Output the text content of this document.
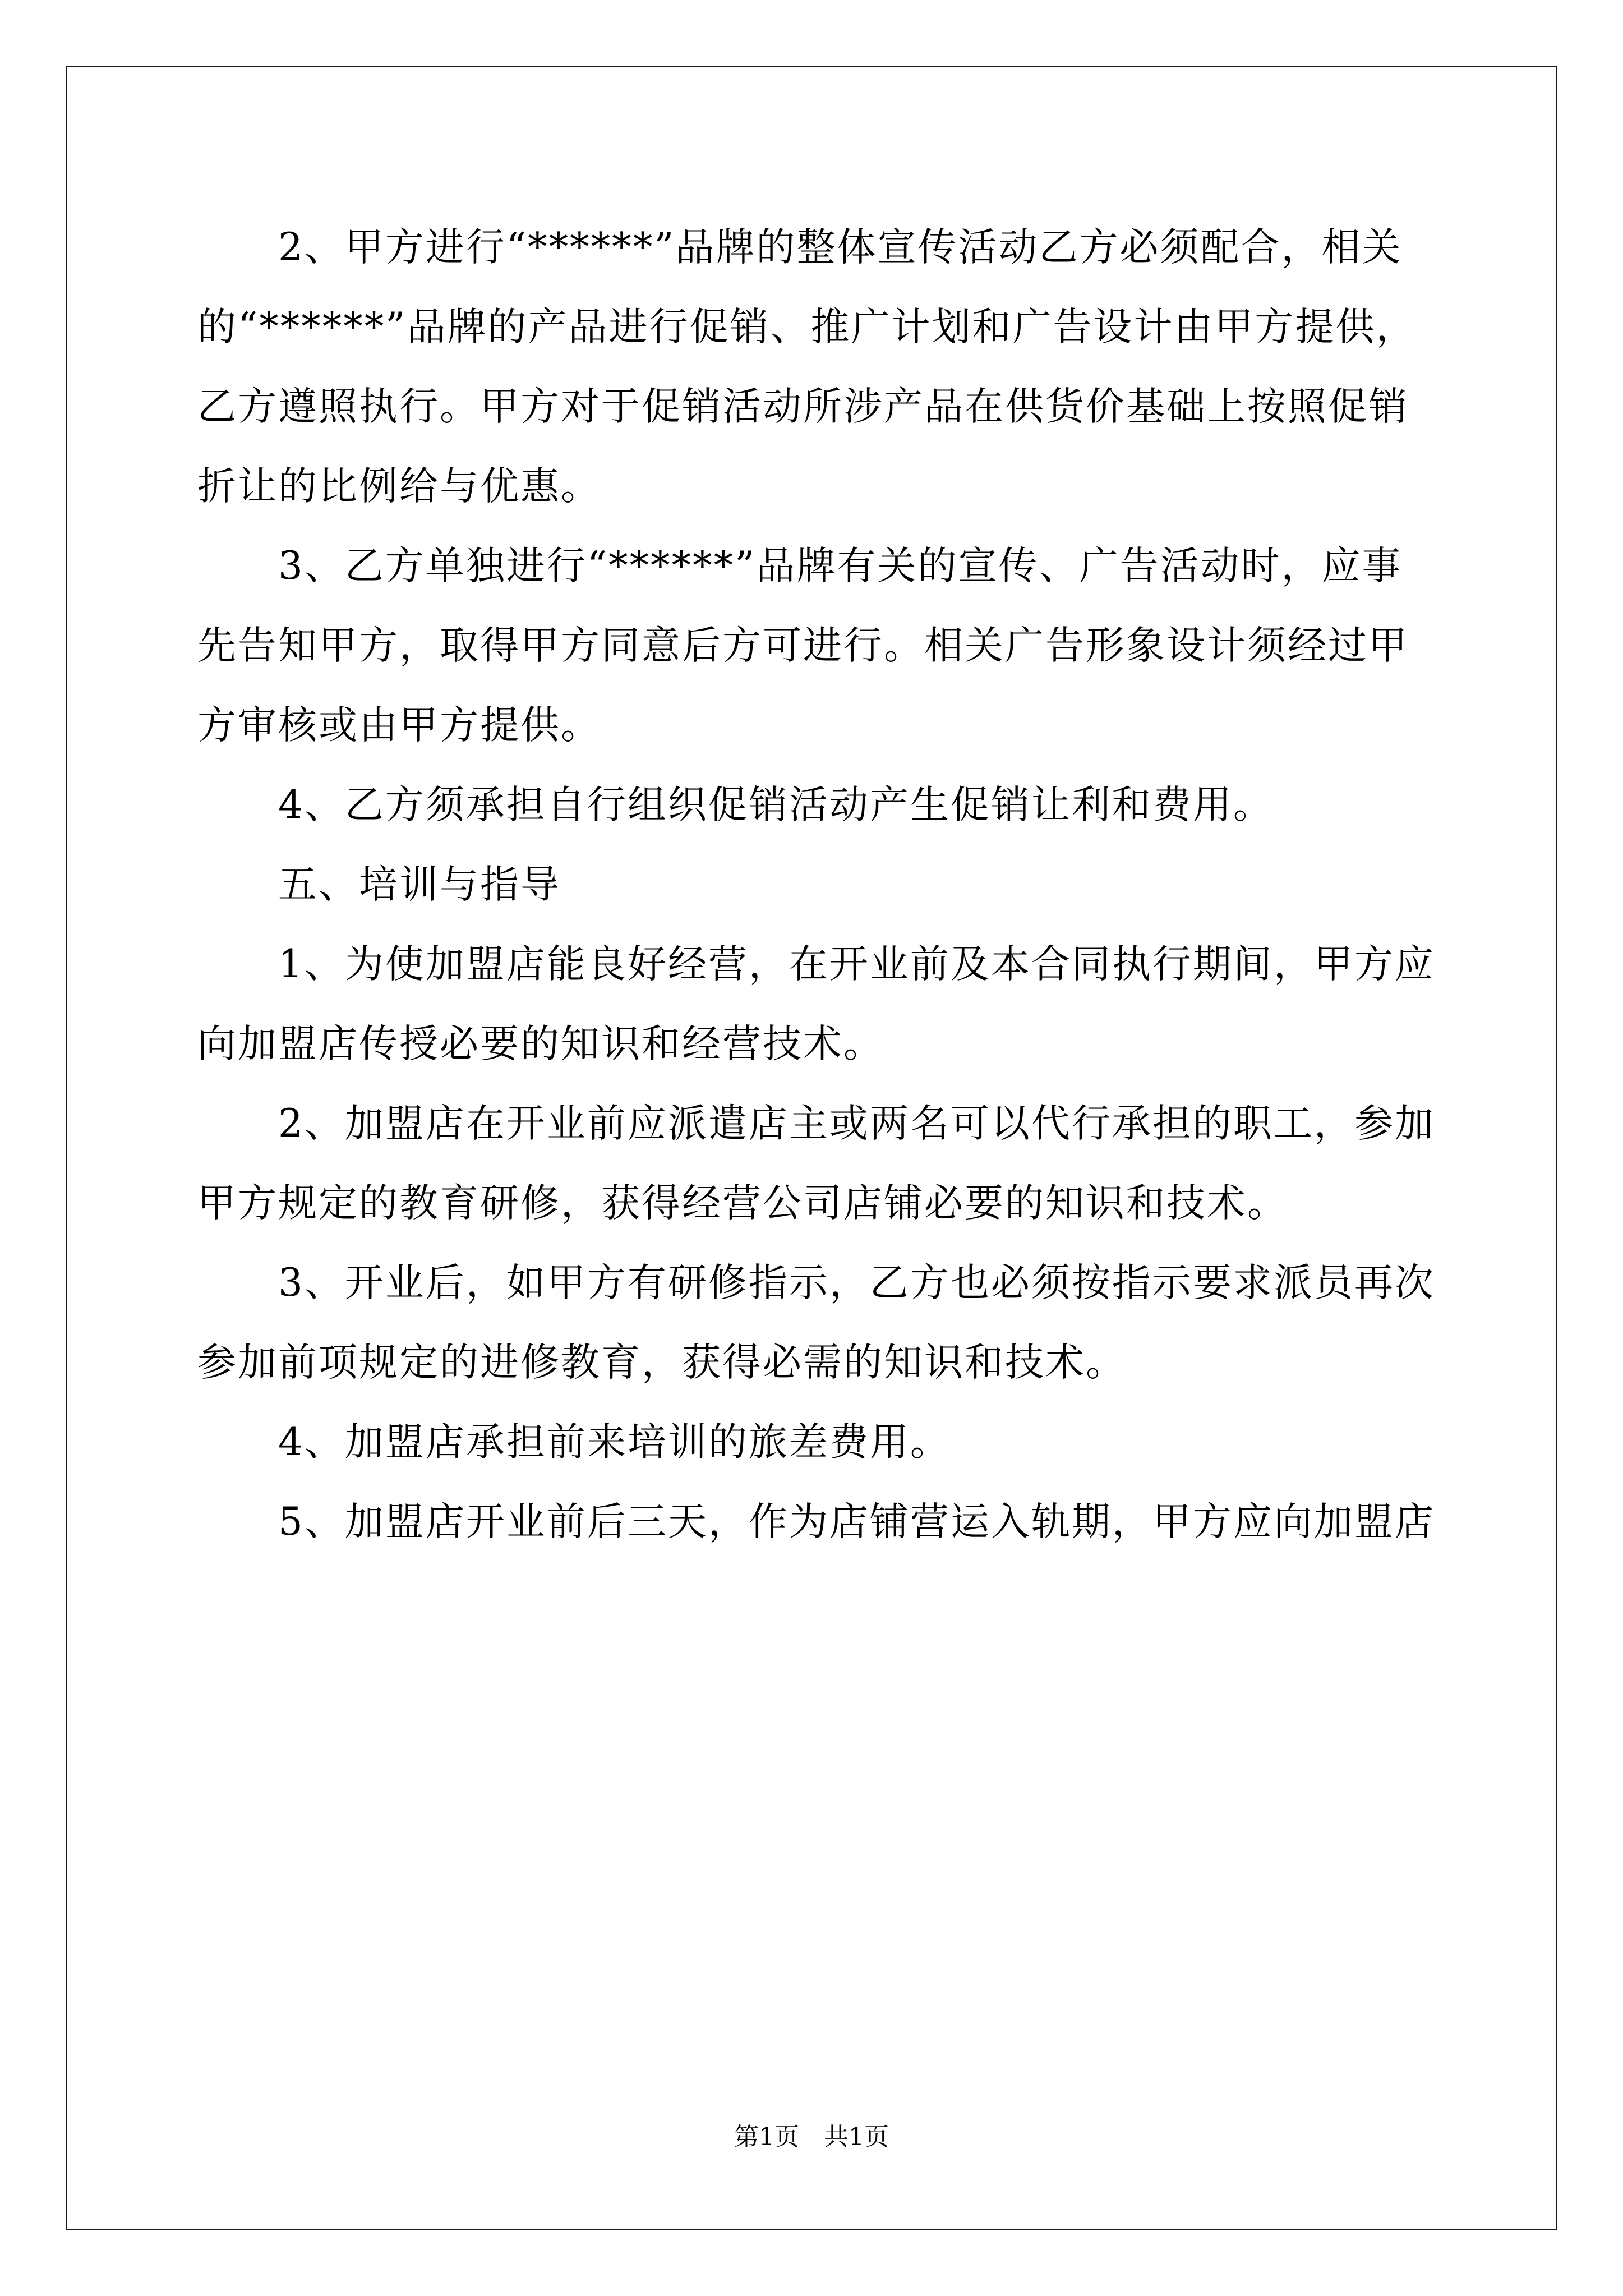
　　2、甲方进行“******”品牌的整体宣传活动乙方必须配合，相关

的“******”品牌的产品进行促销、推广计划和广告设计由甲方提供，

乙方遵照执行。甲方对于促销活动所涉产品在供货价基础上按照促销

折让的比例给与优惠。

　　3、乙方单独进行“******”品牌有关的宣传、广告活动时，应事

先告知甲方，取得甲方同意后方可进行。相关广告形象设计须经过甲

方审核或由甲方提供。

　　4、乙方须承担自行组织促销活动产生促销让利和费用。

　　五、培训与指导

　　1、为使加盟店能良好经营，在开业前及本合同执行期间，甲方应

向加盟店传授必要的知识和经营技术。

　　2、加盟店在开业前应派遣店主或两名可以代行承担的职工，参加

甲方规定的教育研修，获得经营公司店铺必要的知识和技术。

　　3、开业后，如甲方有研修指示，乙方也必须按指示要求派员再次

参加前项规定的进修教育，获得必需的知识和技术。

　　4、加盟店承担前来培训的旅差费用。

　　5、加盟店开业前后三天，作为店铺营运入轨期，甲方应向加盟店

第1页　共1页
